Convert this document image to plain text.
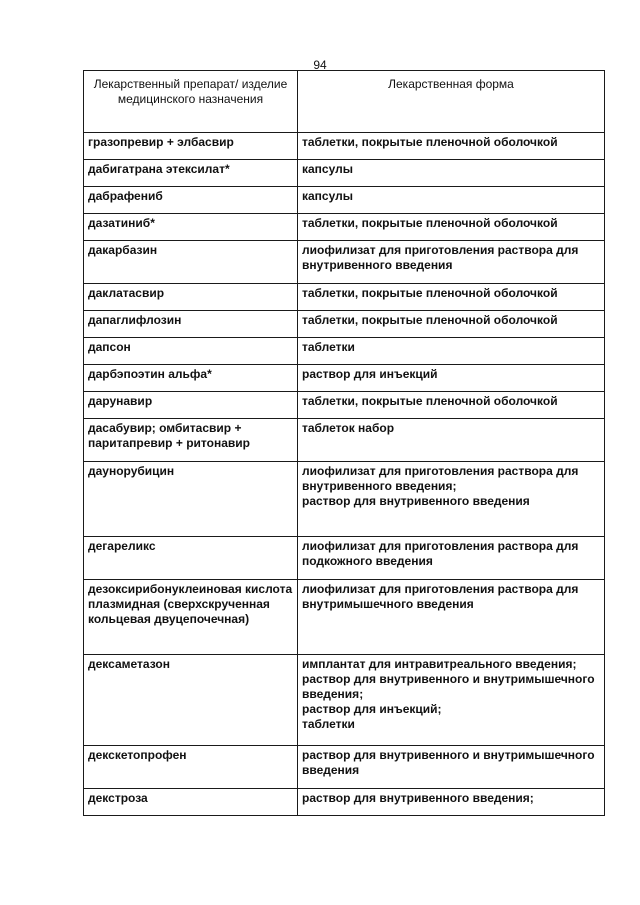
94
Лекарственный препарат/ изделие медицинского назначения	Лекарственная форма
гразопревир + элбасвир	таблетки, покрытые пленочной оболочкой
дабигатрана этексилат*	капсулы
дабрафениб	капсулы
дазатиниб*	таблетки, покрытые пленочной оболочкой
дакарбазин	лиофилизат для приготовления раствора для внутривенного введения
даклатасвир	таблетки, покрытые пленочной оболочкой
дапаглифлозин	таблетки, покрытые пленочной оболочкой
дапсон	таблетки
дарбэпоэтин альфа*	раствор для инъекций
дарунавир	таблетки, покрытые пленочной оболочкой
дасабувир; омбитасвир + паритапревир + ритонавир	таблеток набор
даунорубицин	лиофилизат для приготовления раствора для внутривенного введения;
раствор для внутривенного введения
дегареликс	лиофилизат для приготовления раствора для подкожного введения
дезоксирибонуклеиновая кислота плазмидная (сверхскрученная кольцевая двуцепочечная)	лиофилизат для приготовления раствора для внутримышечного введения
дексаметазон	имплантат для интравитреального введения;
раствор для внутривенного и внутримышечного введения;
раствор для инъекций;
таблетки
декскетопрофен	раствор для внутривенного и внутримышечного введения
декстроза	раствор для внутривенного введения;
